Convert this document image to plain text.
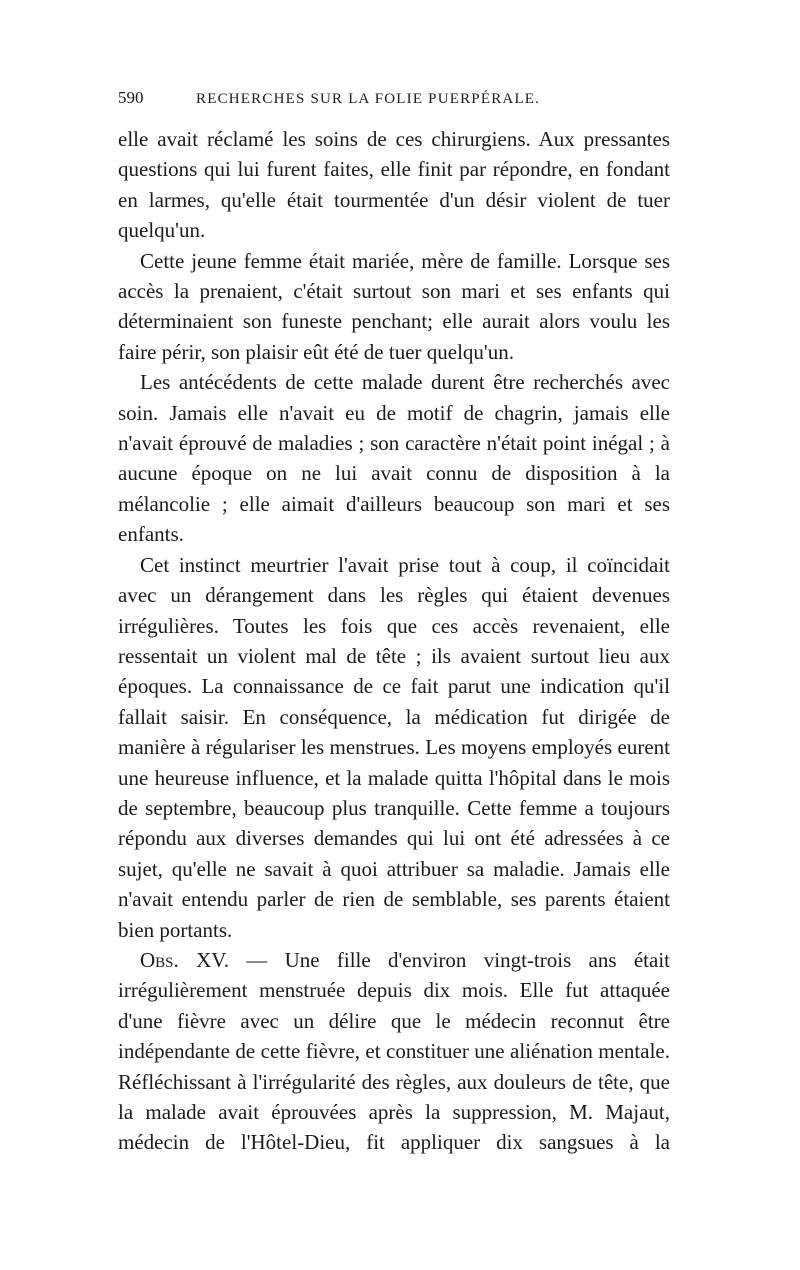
590	RECHERCHES SUR LA FOLIE PUERPÉRALE.

elle avait réclamé les soins de ces chirurgiens. Aux pressantes questions qui lui furent faites, elle finit par répondre, en fondant en larmes, qu'elle était tourmentée d'un désir violent de tuer quelqu'un.

Cette jeune femme était mariée, mère de famille. Lorsque ses accès la prenaient, c'était surtout son mari et ses enfants qui déterminaient son funeste penchant; elle aurait alors voulu les faire périr, son plaisir eût été de tuer quelqu'un.

Les antécédents de cette malade durent être recherchés avec soin. Jamais elle n'avait eu de motif de chagrin, jamais elle n'avait éprouvé de maladies ; son caractère n'était point inégal ; à aucune époque on ne lui avait connu de disposition à la mélancolie ; elle aimait d'ailleurs beaucoup son mari et ses enfants.

Cet instinct meurtrier l'avait prise tout à coup, il coïncidait avec un dérangement dans les règles qui étaient devenues irrégulières. Toutes les fois que ces accès revenaient, elle ressentait un violent mal de tête ; ils avaient surtout lieu aux époques. La connaissance de ce fait parut une indication qu'il fallait saisir. En conséquence, la médication fut dirigée de manière à régulariser les menstrues. Les moyens employés eurent une heureuse influence, et la malade quitta l'hôpital dans le mois de septembre, beaucoup plus tranquille. Cette femme a toujours répondu aux diverses demandes qui lui ont été adressées à ce sujet, qu'elle ne savait à quoi attribuer sa maladie. Jamais elle n'avait entendu parler de rien de semblable, ses parents étaient bien portants.

Obs. XV. — Une fille d'environ vingt-trois ans était irrégulièrement menstruée depuis dix mois. Elle fut attaquée d'une fièvre avec un délire que le médecin reconnut être indépendante de cette fièvre, et constituer une aliénation mentale. Réfléchissant à l'irrégularité des règles, aux douleurs de tête, que la malade avait éprouvées après la suppression, M. Majaut, médecin de l'Hôtel-Dieu, fit appliquer dix sangsues à la
